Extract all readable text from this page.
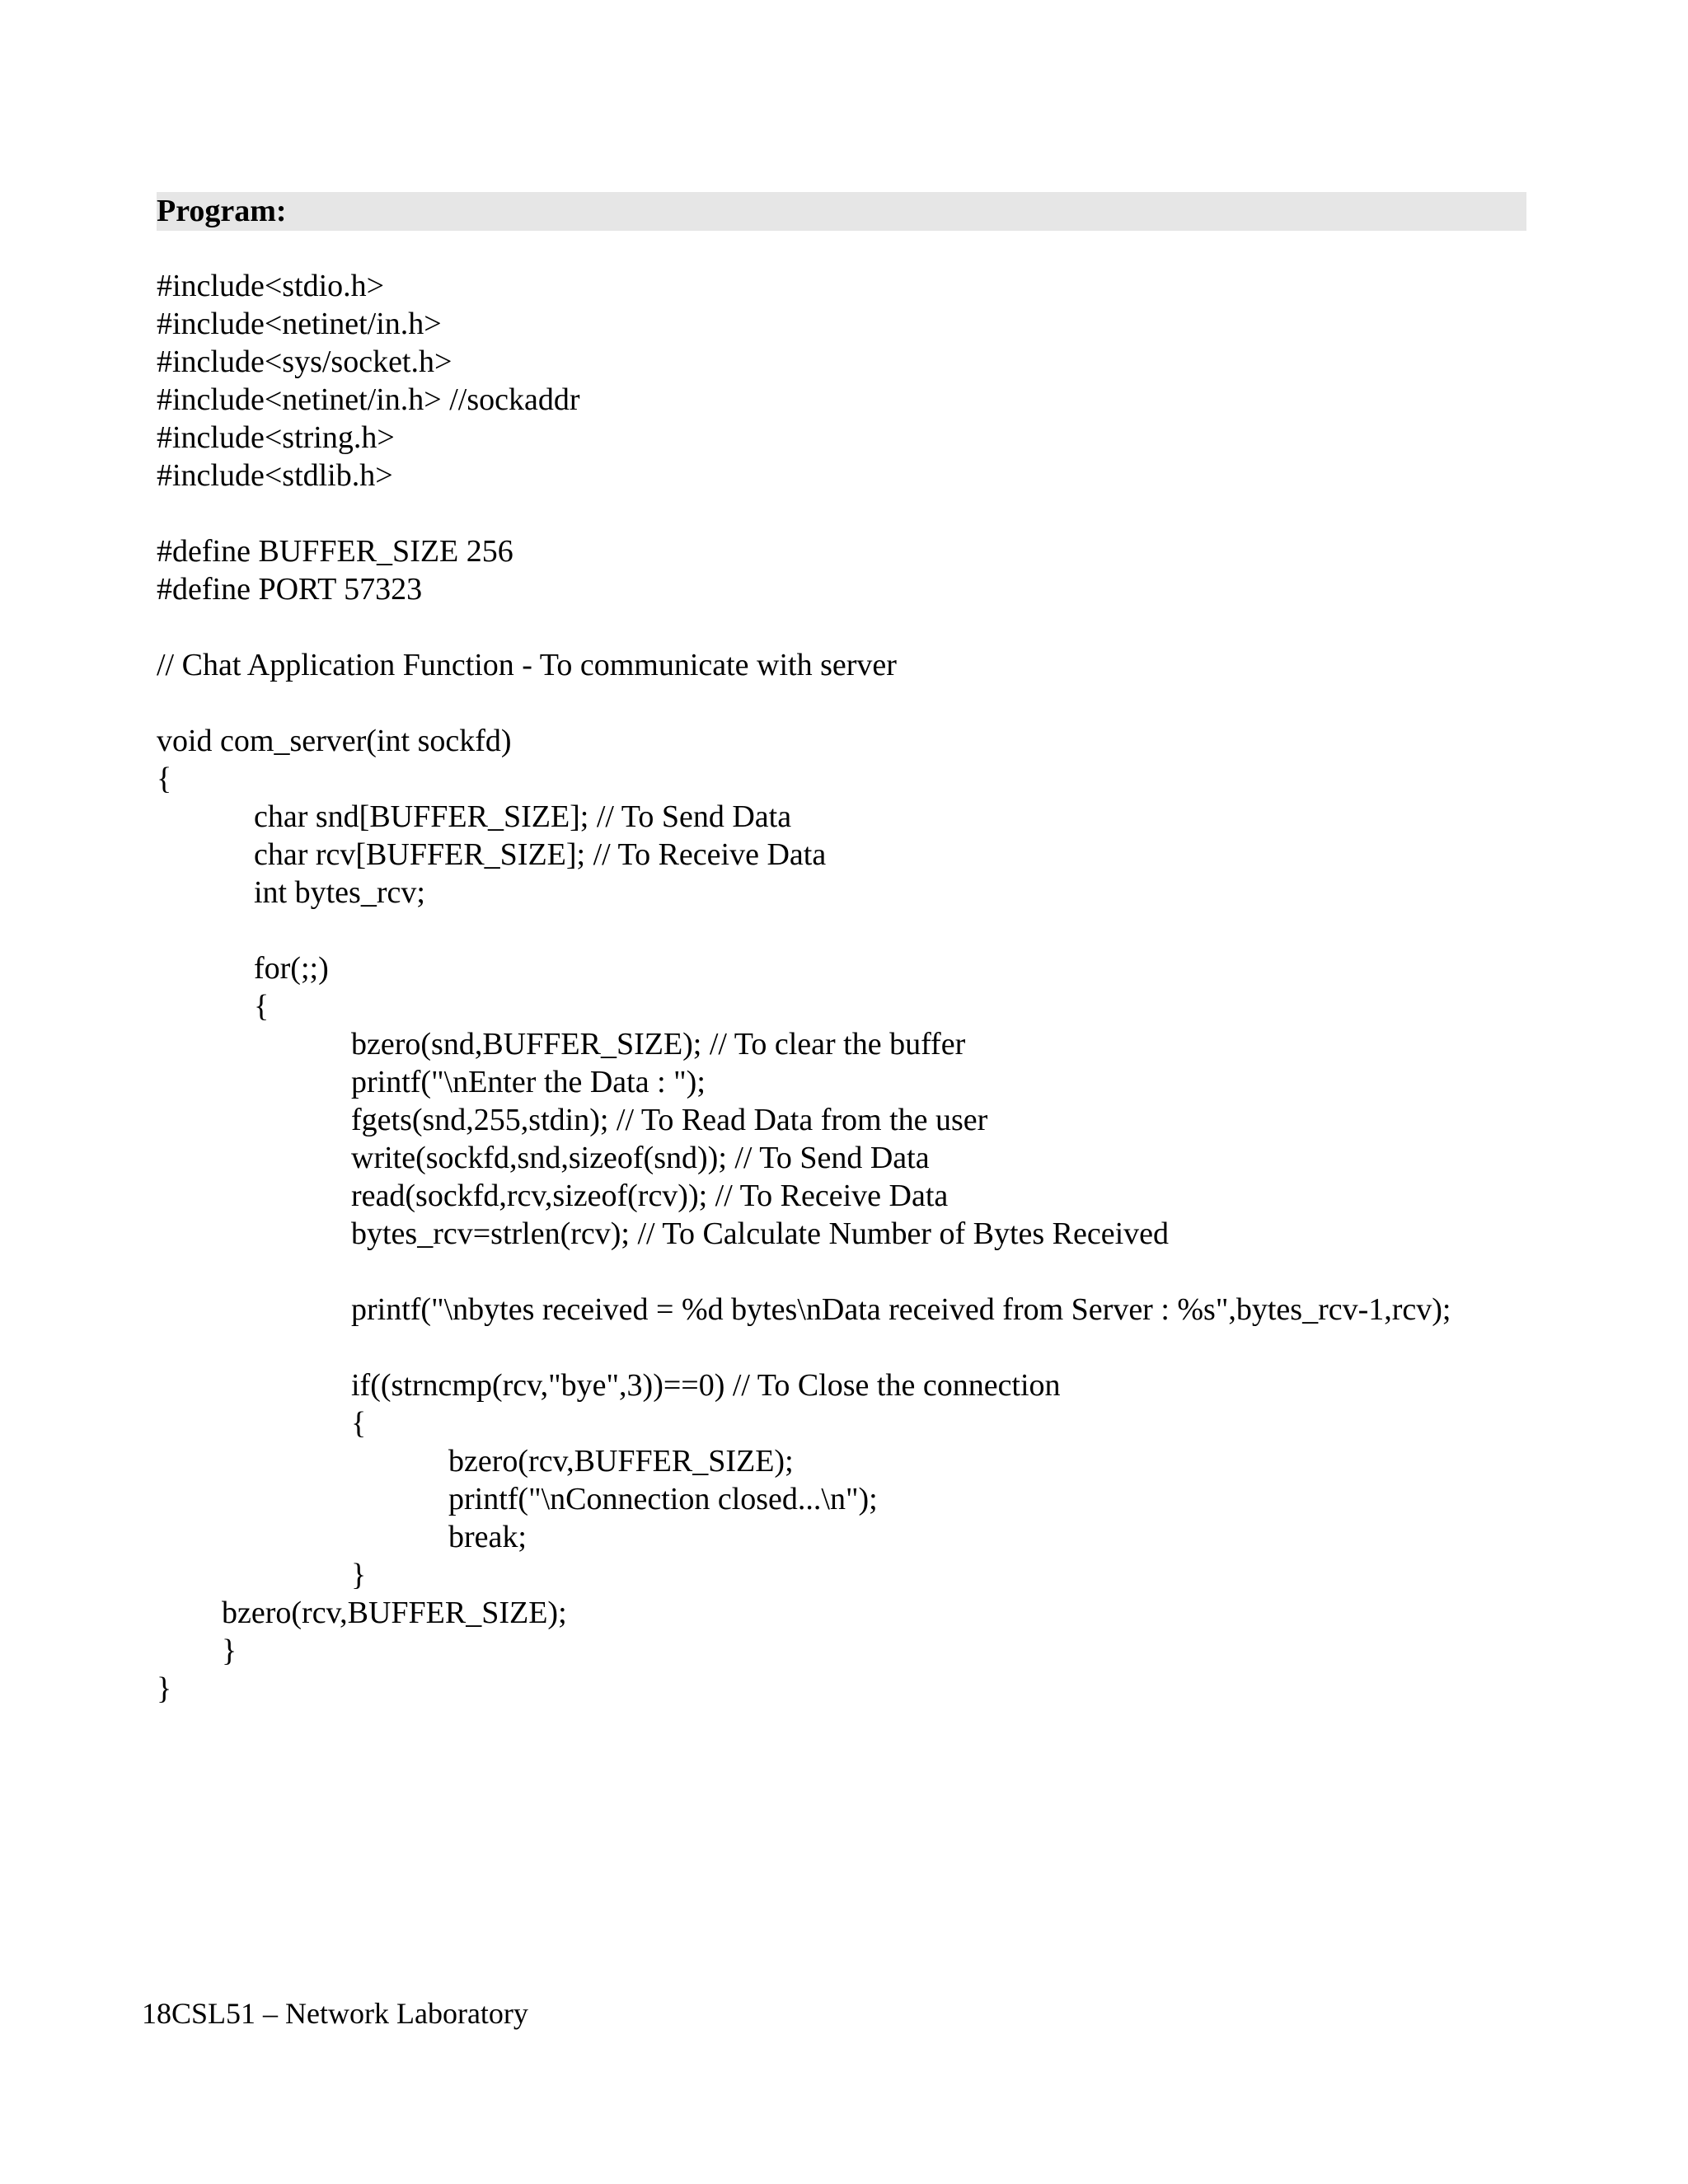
Program:
#include<stdio.h>
#include<netinet/in.h>
#include<sys/socket.h>
#include<netinet/in.h> //sockaddr
#include<string.h>
#include<stdlib.h>
#define BUFFER_SIZE 256
#define PORT 57323
// Chat Application Function - To communicate with server
void com_server(int sockfd)
{
char snd[BUFFER_SIZE]; // To Send Data
char rcv[BUFFER_SIZE]; // To Receive Data
int bytes_rcv;
for(;;)
{
bzero(snd,BUFFER_SIZE); // To clear the buffer
printf("\nEnter the Data : ");
fgets(snd,255,stdin); // To Read Data from the user
write(sockfd,snd,sizeof(snd)); // To Send Data
read(sockfd,rcv,sizeof(rcv)); // To Receive Data
bytes_rcv=strlen(rcv); // To Calculate Number of Bytes Received
printf("\nbytes received = %d bytes\nData received from Server : %s",bytes_rcv-1,rcv);
if((strncmp(rcv,"bye",3))==0) // To Close the connection
{
bzero(rcv,BUFFER_SIZE);
printf("\nConnection closed...\n");
break;
}
bzero(rcv,BUFFER_SIZE);
}
}
18CSL51 – Network Laboratory
